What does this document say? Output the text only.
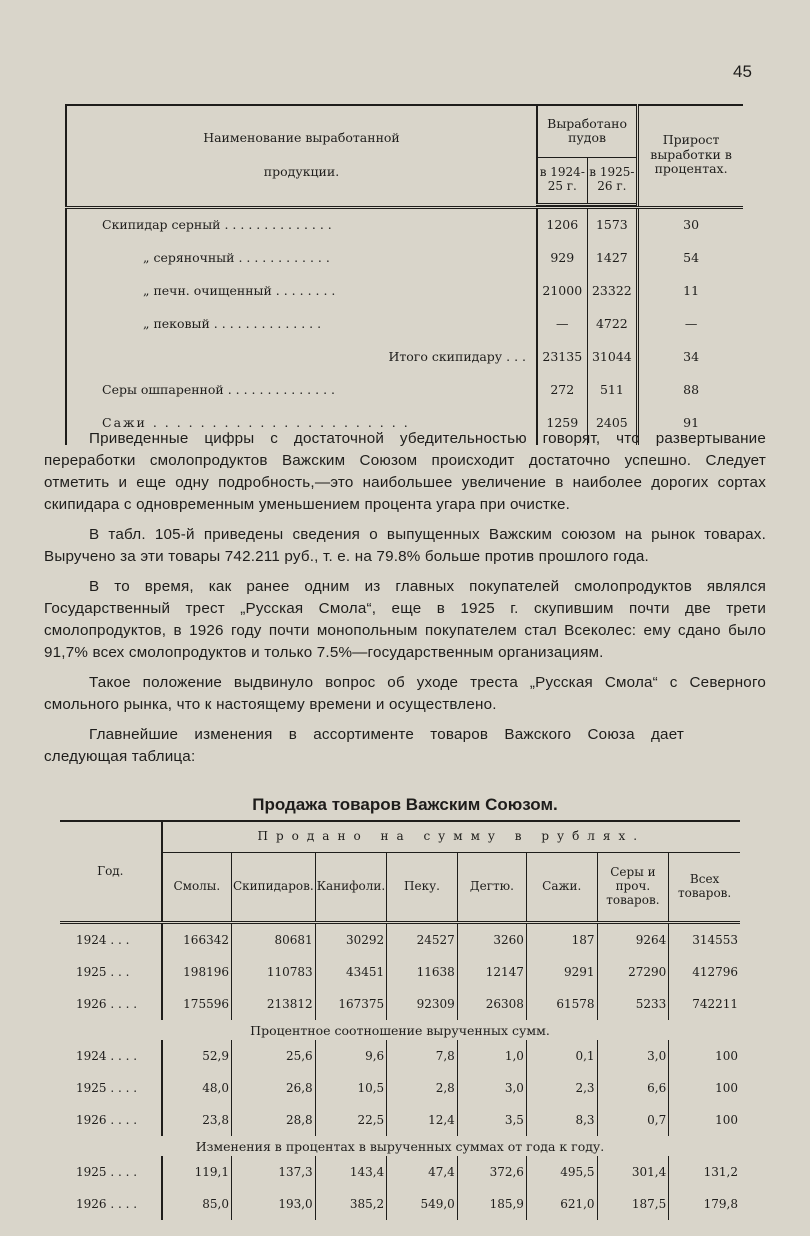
45
Наименование выработанной
продукции.	Выработано пудов		Прирост выработки в процентах.
	в 1924-25 г.	в 1925-26 г.	

Скипидар серный . . . . . . . . . . . . . .	1206	1573	30
„ серяночный . . . . . . . . . . . .	929	1427	54
„ печн. очищенный . . . . . . . .	21000	23322	11
„ пековый . . . . . . . . . . . . . .	—	4722	—
Итого скипидару . . .	23135	31044	34
Серы ошпаренной . . . . . . . . . . . . . .	272	511	88
Сажи . . . . . . . . . . . . . . . . . . . . . .	1259	2405	91

Приведенные цифры с достаточной убедительностью говорят, что развертывание переработки смолопродуктов Важским Союзом происходит достаточно успешно. Следует отметить и еще одну подробность,—это наибольшее увеличение в наиболее дорогих сортах скипидара с одновременным уменьшением процента угара при очистке.

В табл. 105-й приведены сведения о выпущенных Важским союзом на рынок товарах. Выручено за эти товары 742.211 руб., т. е. на 79.8% больше против прошлого года.

В то время, как ранее одним из главных покупателей смолопродуктов являлся Государственный трест „Русская Смола“, еще в 1925 г. скупившим почти две трети смолопродуктов, в 1926 году почти монопольным покупателем стал Всеколес: ему сдано было 91,7% всех смолопродуктов и только 7.5%—государственным организациям.

Такое положение выдвинуло вопрос об уходе треста „Русская Смола“ с Северного смольного рынка, что к настоящему времени и осуществлено.

Главнейшие изменения в ассортименте товаров Важского Союза дает следующая таблица:

Продажа товаров Важским Союзом.
Год.	Продано на сумму в рублях.							
	Смолы.	Скипидаров.	Канифоли.	Пеку.	Дегтю.	Сажи.	Серы и проч. товаров.	Всех товаров.
1924 . . .	166342	80681	30292	24527	3260	187	9264	314553
1925 . . .	198196	110783	43451	11638	12147	9291	27290	412796
1926 . . . .	175596	213812	167375	92309	26308	61578	5233	742211
Процентное соотношение вырученных сумм.								
1924 . . . .	52,9	25,6	9,6	7,8	1,0	0,1	3,0	100
1925 . . . .	48,0	26,8	10,5	2,8	3,0	2,3	6,6	100
1926 . . . .	23,8	28,8	22,5	12,4	3,5	8,3	0,7	100
Изменения в процентах в вырученных суммах от года к году.								
1925 . . . .	119,1	137,3	143,4	47,4	372,6	495,5	301,4	131,2
1926 . . . .	85,0	193,0	385,2	549,0	185,9	621,0	187,5	179,8
